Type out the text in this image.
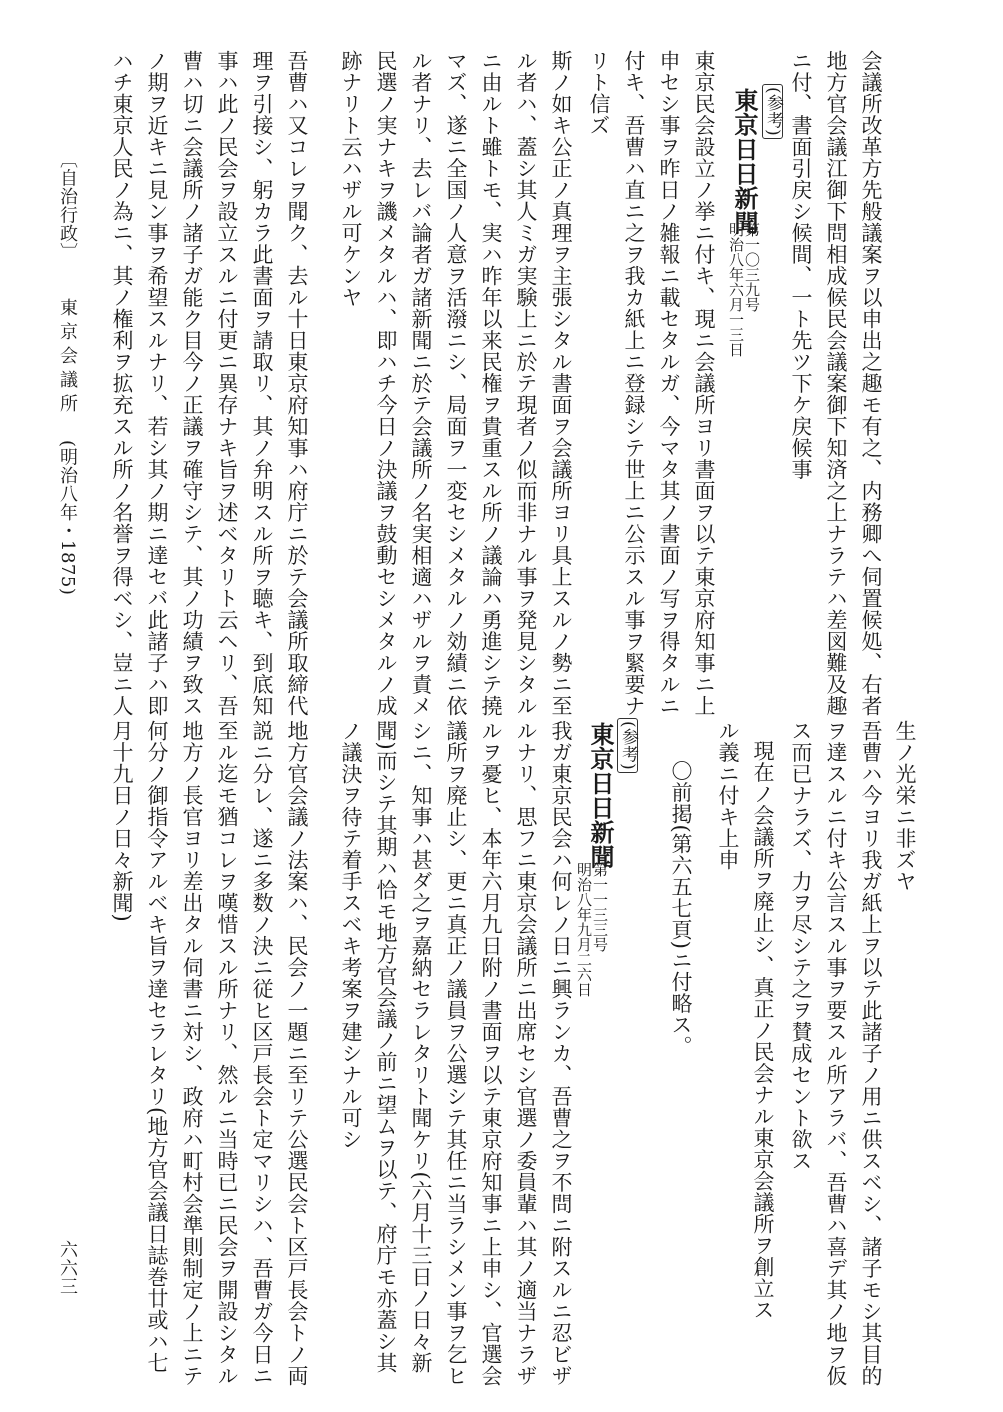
会議所改革方先般議案ヲ以申出之趣モ有之、内務卿へ伺置候処、右者
地方官会議江御下問相成候民会議案御下知済之上ナラテハ差図難及趣
ニ付、書面引戻シ候間、一ト先ツ下ケ戻候事
(参考)
東京日日新聞
第一〇三九号
明治八年六月一三日
東京民会設立ノ挙ニ付キ、現ニ会議所ヨリ書面ヲ以テ東京府知事ニ上
申セシ事ヲ昨日ノ雑報ニ載セタルガ、今マタ其ノ書面ノ写ヲ得タルニ
付キ、吾曹ハ直ニ之ヲ我カ紙上ニ登録シテ世上ニ公示スル事ヲ緊要ナ
リト信ズ
斯ノ如キ公正ノ真理ヲ主張シタル書面ヲ会議所ヨリ具上スルノ勢ニ至
ル者ハ、蓋シ其人ミガ実験上ニ於テ現者ノ似而非ナル事ヲ発見シタル
ニ由ルト雖トモ、実ハ昨年以来民権ヲ貴重スル所ノ議論ハ勇進シテ撓
マズ、遂ニ全国ノ人意ヲ活潑ニシ、局面ヲ一変セシメタルノ効績ニ依
ル者ナリ、去レバ論者ガ諸新聞ニ於テ会議所ノ名実相適ハザルヲ責メ
民選ノ実ナキヲ譏メタルハ、即ハチ今日ノ決議ヲ鼓動セシメタルノ成
跡ナリト云ハザル可ケンヤ
吾曹ハ又コレヲ聞ク、去ル十日東京府知事ハ府庁ニ於テ会議所取締代
理ヲ引接シ、躬カラ此書面ヲ請取リ、其ノ弁明スル所ヲ聴キ、到底知
事ハ此ノ民会ヲ設立スルニ付更ニ異存ナキ旨ヲ述ベタリト云ヘリ、吾
曹ハ切ニ会議所ノ諸子ガ能ク目今ノ正議ヲ確守シテ、其ノ功績ヲ致ス
ノ期ヲ近キニ見ン事ヲ希望スルナリ、若シ其ノ期ニ達セバ此諸子ハ即
ハチ東京人民ノ為ニ、其ノ権利ヲ拡充スル所ノ名誉ヲ得ベシ、豈ニ人
生ノ光栄ニ非ズヤ
吾曹ハ今ヨリ我ガ紙上ヲ以テ此諸子ノ用ニ供スベシ、諸子モシ其目的
ヲ達スルニ付キ公言スル事ヲ要スル所アラバ、吾曹ハ喜デ其ノ地ヲ仮
ス而已ナラズ、力ヲ尽シテ之ヲ賛成セント欲ス
現在ノ会議所ヲ廃止シ、真正ノ民会ナル東京会議所ヲ創立ス
ル義ニ付キ上申
〇前掲(第六五七頁)ニ付略ス。
(参考)
東京日日新聞
第一一三三号
明治八年九月二六日
我ガ東京民会ハ何レノ日ニ興ランカ、吾曹之ヲ不問ニ附スルニ忍ビザ
ルナリ、思フニ東京会議所ニ出席セシ官選ノ委員輩ハ其ノ適当ナラザ
ルヲ憂ヒ、本年六月九日附ノ書面ヲ以テ東京府知事ニ上申シ、官選会
議所ヲ廃止シ、更ニ真正ノ議員ヲ公選シテ其任ニ当ラシメン事ヲ乞ヒ
シニ、知事ハ甚ダ之ヲ嘉納セラレタリト聞ケリ(六月十三日ノ日々新
聞)而シテ其期ハ恰モ地方官会議ノ前ニ望ムヲ以テ、府庁モ亦蓋シ其
ノ議決ヲ待テ着手スベキ考案ヲ建シナル可シ
地方官会議ノ法案ハ、民会ノ一題ニ至リテ公選民会ト区戸長会トノ両
説ニ分レ、遂ニ多数ノ決ニ従ヒ区戸長会ト定マリシハ、吾曹ガ今日ニ
至ル迄モ猶コレヲ嘆惜スル所ナリ、然ルニ当時已ニ民会ヲ開設シタル
地方ノ長官ヨリ差出タル伺書ニ対シ、政府ハ町村会準則制定ノ上ニテ
何分ノ御指令アルベキ旨ヲ達セラレタリ(地方官会議日誌巻廿或ハ七
月十九日ノ日々新聞)
〔自治行政〕
東京会議所
(明治八年・1875)
六六三
